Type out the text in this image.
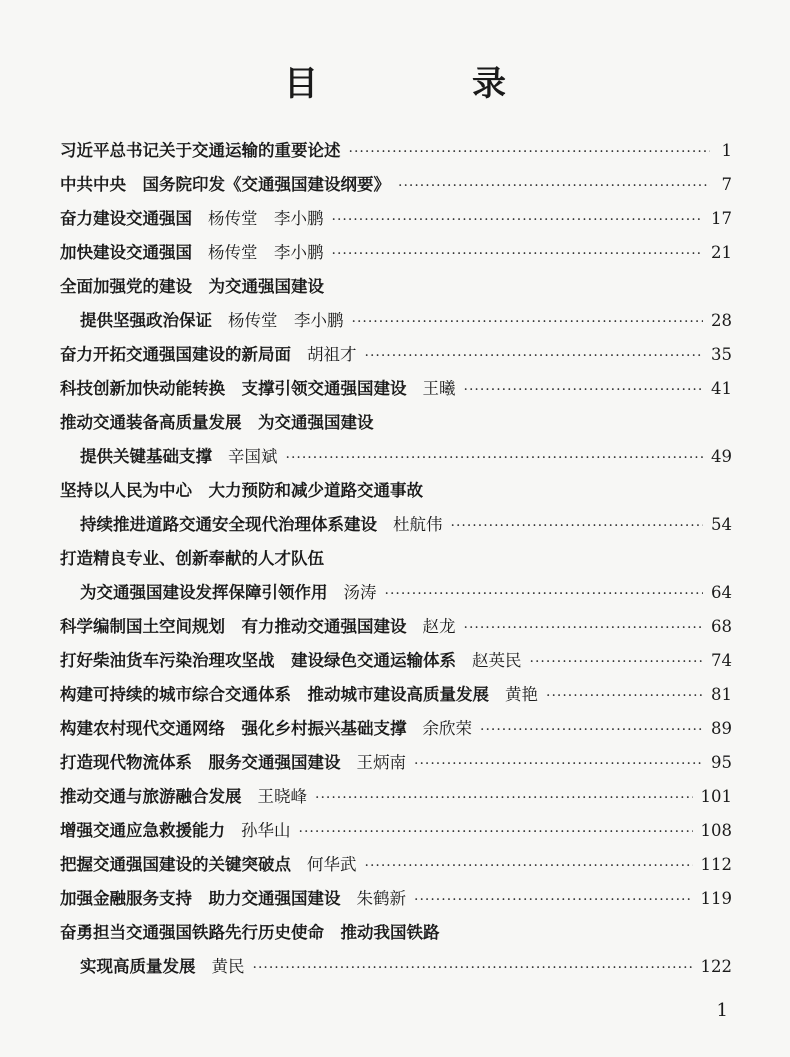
目　录
习近平总书记关于交通运输的重要论述 ·····	1
中共中央　国务院印发《交通强国建设纲要》 ·····	7
奋力建设交通强国 杨传堂　李小鹏 ·····	17
加快建设交通强国 杨传堂　李小鹏 ·····	21
全面加强党的建设　为交通强国建设
提供坚强政治保证 杨传堂　李小鹏 ·····	28
奋力开拓交通强国建设的新局面 胡祖才 ·····	35
科技创新加快动能转换　支撑引领交通强国建设 王曦 ·····	41
推动交通装备高质量发展　为交通强国建设
提供关键基础支撑 辛国斌 ·····	49
坚持以人民为中心　大力预防和减少道路交通事故
持续推进道路交通安全现代治理体系建设 杜航伟 ·····	54
打造精良专业、创新奉献的人才队伍
为交通强国建设发挥保障引领作用 汤涛 ·····	64
科学编制国土空间规划　有力推动交通强国建设 赵龙 ·····	68
打好柴油货车污染治理攻坚战　建设绿色交通运输体系 赵英民 ·····	74
构建可持续的城市综合交通体系　推动城市建设高质量发展 黄艳 ·····	81
构建农村现代交通网络　强化乡村振兴基础支撑 余欣荣 ·····	89
打造现代物流体系　服务交通强国建设 王炳南 ·····	95
推动交通与旅游融合发展 王晓峰 ·····	101
增强交通应急救援能力 孙华山 ·····	108
把握交通强国建设的关键突破点 何华武 ·····	112
加强金融服务支持　助力交通强国建设 朱鹤新 ·····	119
奋勇担当交通强国铁路先行历史使命　推动我国铁路
实现高质量发展 黄民 ·····	122
1
